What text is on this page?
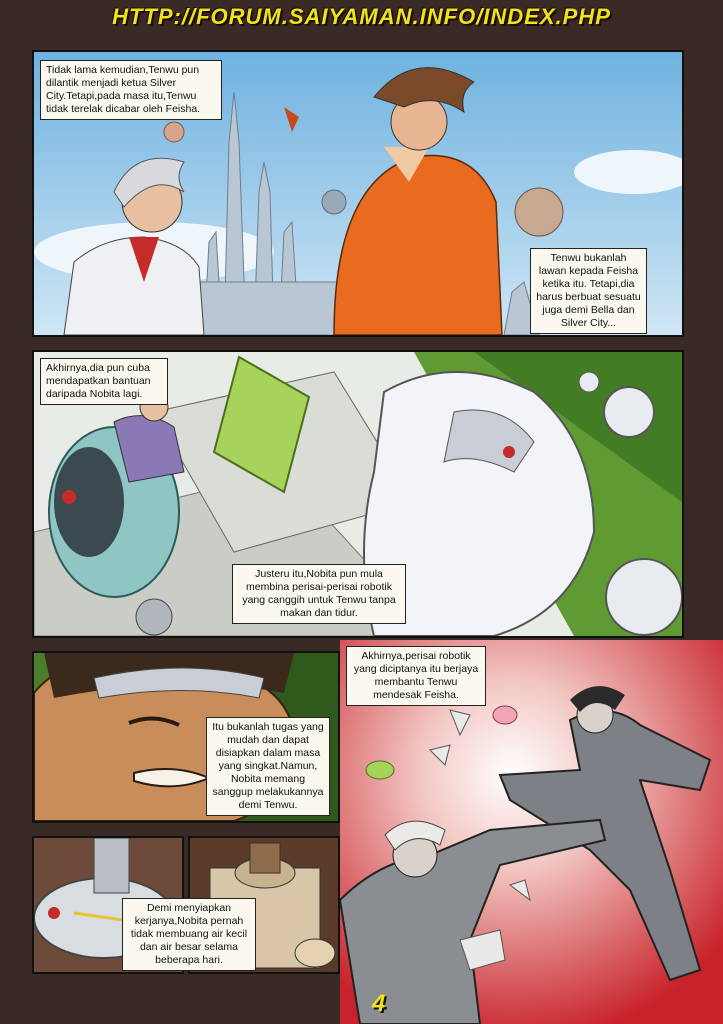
HTTP://FORUM.SAIYAMAN.INFO/INDEX.PHP
Tidak lama kemudian,Tenwu pun dilantik menjadi ketua Silver City.Tetapi,pada masa itu,Tenwu tidak terelak dicabar oleh Feisha.
Tenwu bukanlah lawan kepada Feisha ketika itu. Tetapi,dia harus berbuat sesuatu juga demi Bella dan Silver City...
Akhirnya,dia pun cuba mendapatkan bantuan daripada Nobita lagi.
Justeru itu,Nobita pun mula membina perisai-perisai robotik yang canggih untuk Tenwu tanpa makan dan tidur.
Itu bukanlah tugas yang mudah dan dapat disiapkan dalam masa yang singkat.Namun, Nobita memang sanggup melakukannya demi Tenwu.
Akhirnya,perisai robotik yang diciptanya itu berjaya membantu Tenwu mendesak Feisha.
Demi menyiapkan kerjanya,Nobita pernah tidak membuang air kecil dan air besar selama beberapa hari.
4
